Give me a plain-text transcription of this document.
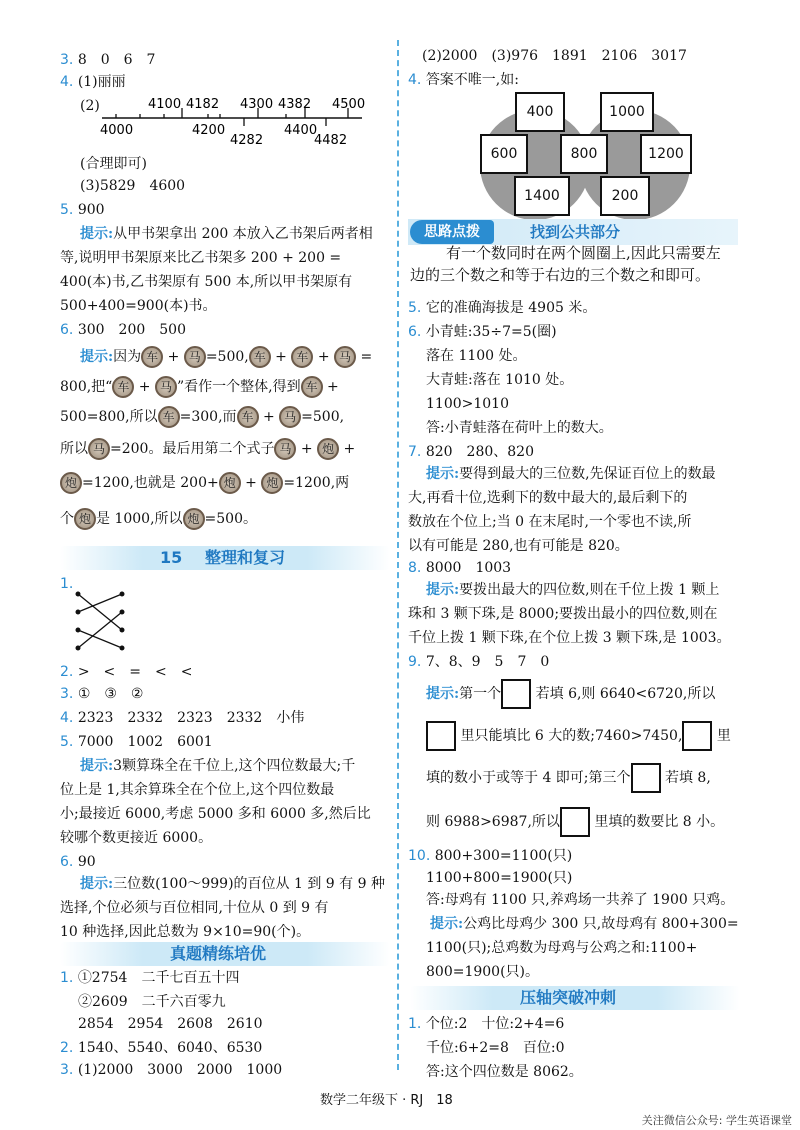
3. 8　0　6　7
4. (1)丽丽
(2)	4100 4182 4300 4382 4500
4000	4200
4282
4400
4482
(合理即可)
(3)5829　4600
5. 900
提示:从甲书架拿出 200 本放入乙书架后两者相
等,说明甲书架原来比乙书架多 200 + 200 =
400(本)书,乙书架原有 500 本,所以甲书架原有
500+400=900(本)书。
6. 300　200　500
提示:因为 车 + 马 =500, 车 + 车 + 马 =
800,把“ 车 + 马 ”看作一个整体,得到 车 +
500=800,所以 车 =300,而 车 + 马 =500,
所以 马 =200。最后用第二个式子 马 + 炮 +
炮 =1200,也就是 200+ 炮 + 炮 =1200,两
个 炮 是 1000,所以 炮 =500。
15 整理和复习
1.
2. >　<　=　<　<
3. ①　③　②
4. 2323　2332　2323　2332　小伟
5. 7000　1002　6001
提示:3颗算珠全在千位上,这个四位数最大;千
位上是 1,其余算珠全在个位上,这个四位数最
小;最接近 6000,考虑 5000 多和 6000 多,然后比
较哪个数更接近 6000。
6. 90
提示:三位数(100～999)的百位从 1 到 9 有 9 种
选择,个位必须与百位相同,十位从 0 到 9 有
10 种选择,因此总数为 9×10=90(个)。
真题精练培优
1. ①2754　二千七百五十四
②2609　二千六百零九
2854　2954　2608　2610
2. 1540、5540、6040、6530
3. (1)2000　3000　2000　1000
(2)2000　(3)976　1891　2106　3017
4. 答案不唯一,如:
400	1000
600	800	1200
1400	200
思路点拨	找到公共部分
有一个数同时在两个圆圈上,因此只需要左
边的三个数之和等于右边的三个数之和即可。
5. 它的准确海拔是 4905 米。
6. 小青蛙:35÷7=5(圈)
落在 1100 处。
大青蛙:落在 1010 处。
1100>1010
答:小青蛙落在荷叶上的数大。
7. 820　280、820
提示:要得到最大的三位数,先保证百位上的数最
大,再看十位,选剩下的数中最大的,最后剩下的
数放在个位上;当 0 在末尾时,一个零也不读,所
以有可能是 280,也有可能是 820。
8. 8000　1003
提示:要拨出最大的四位数,则在千位上拨 1 颗上
珠和 3 颗下珠,是 8000;要拨出最小的四位数,则在
千位上拨 1 颗下珠,在个位上拨 3 颗下珠,是 1003。
9. 7、8、9　5　7　0
提示:第一个 若填 6,则 6640<6720,所以
里只能填比 6 大的数;7460>7450, 里
填的数小于或等于 4 即可;第三个 若填 8,
则 6988>6987,所以 里填的数要比 8 小。
10. 800+300=1100(只)
1100+800=1900(只)
答:母鸡有 1100 只,养鸡场一共养了 1900 只鸡。
提示:公鸡比母鸡少 300 只,故母鸡有 800+300=
1100(只);总鸡数为母鸡与公鸡之和:1100+
800=1900(只)。
压轴突破冲刺
1. 个位:2　十位:2+4=6
千位:6+2=8　百位:0
答:这个四位数是 8062。
数学二年级下 · RJ　18
关注微信公众号: 学生英语课堂
